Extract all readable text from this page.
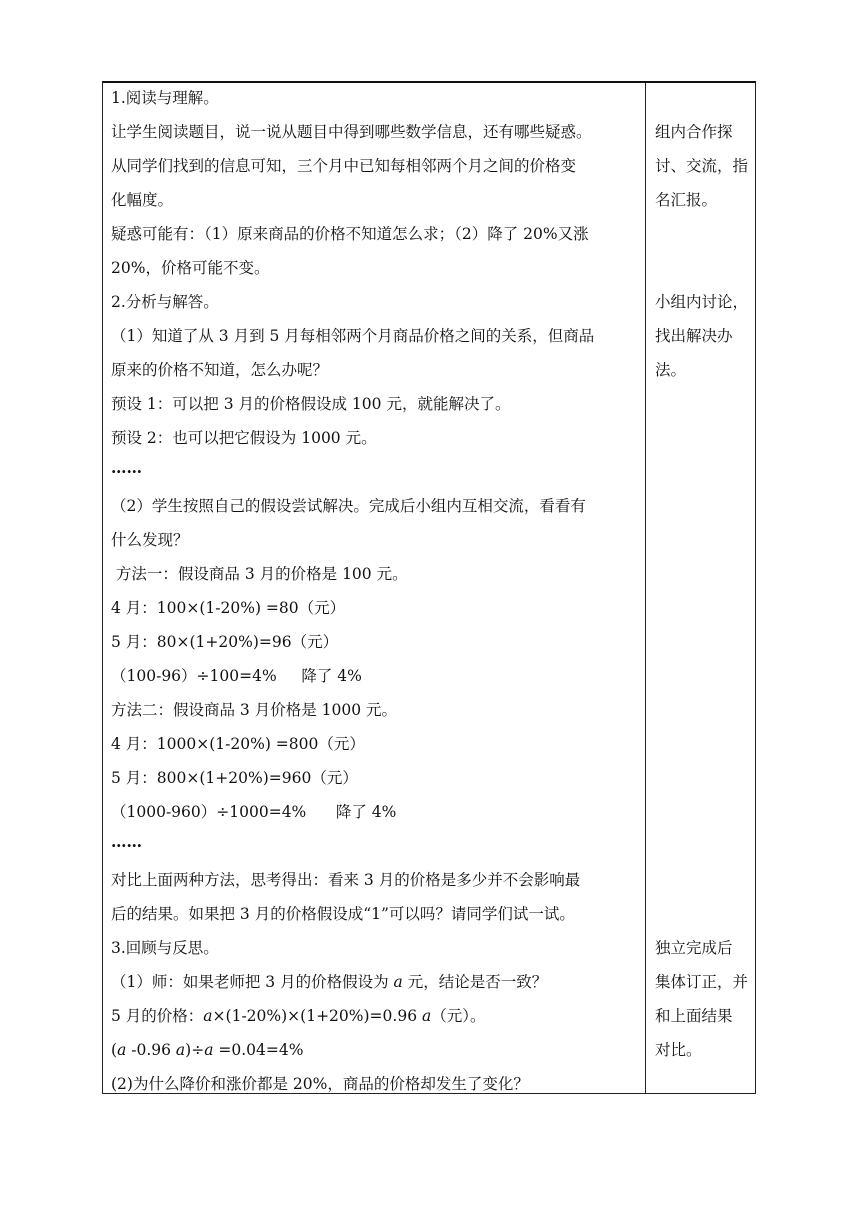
1.阅读与理解。
让学生阅读题目，说一说从题目中得到哪些数学信息，还有哪些疑惑。
从同学们找到的信息可知，三个月中已知每相邻两个月之间的价格变
化幅度。
疑惑可能有：（1）原来商品的价格不知道怎么求；（2）降了 20%又涨
20%，价格可能不变。
2.分析与解答。
（1）知道了从 3 月到 5 月每相邻两个月商品价格之间的关系，但商品
原来的价格不知道，怎么办呢？
预设 1：可以把 3 月的价格假设成 100 元，就能解决了。
预设 2：也可以把它假设为 1000 元。
……
（2）学生按照自己的假设尝试解决。完成后小组内互相交流，看看有
什么发现？
方法一：假设商品 3 月的价格是 100 元。
4 月：100×(1-20%) =80（元）
5 月：80×(1+20%)=96（元）
（100-96）÷100=4%     降了 4%
方法二：假设商品 3 月价格是 1000 元。
4 月：1000×(1-20%) =800（元）
5 月：800×(1+20%)=960（元）
（1000-960）÷1000=4%      降了 4%
……
对比上面两种方法，思考得出：看来 3 月的价格是多少并不会影响最
后的结果。如果把 3 月的价格假设成“1”可以吗？请同学们试一试。
3.回顾与反思。
（1）师：如果老师把 3 月的价格假设为 a 元，结论是否一致？
5 月的价格：a×(1-20%)×(1+20%)=0.96 a（元）。
(a -0.96 a)÷a =0.04=4%
(2)为什么降价和涨价都是 20%，商品的价格却发生了变化？
组内合作探
讨、交流，指
名汇报。
小组内讨论，
找出解决办
法。
独立完成后
集体订正，并
和上面结果
对比。
